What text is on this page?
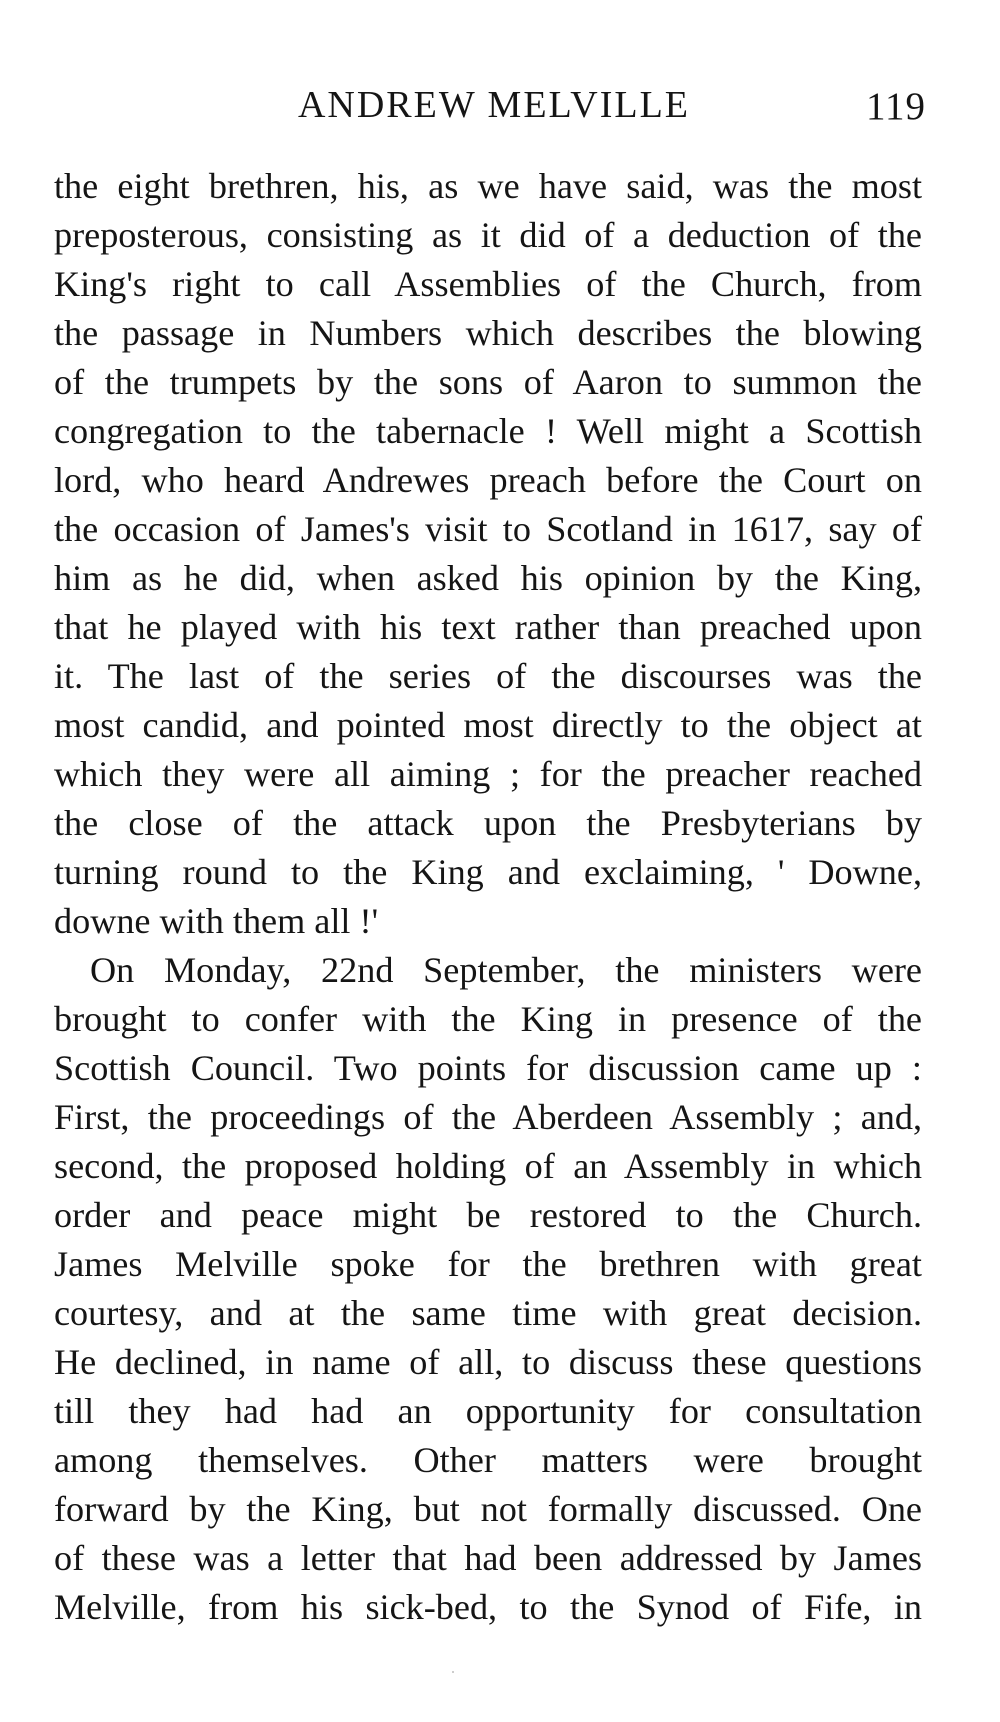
ANDREW MELVILLE	119
the eight brethren, his, as we have said, was the most
preposterous, consisting as it did of a deduction of the
King's right to call Assemblies of the Church, from
the passage in Numbers which describes the blowing
of the trumpets by the sons of Aaron to summon the
congregation to the tabernacle ! Well might a Scottish
lord, who heard Andrewes preach before the Court on
the occasion of James's visit to Scotland in 1617, say of
him as he did, when asked his opinion by the King,
that he played with his text rather than preached upon
it. The last of the series of the discourses was the
most candid, and pointed most directly to the object at
which they were all aiming ; for the preacher reached
the close of the attack upon the Presbyterians by
turning round to the King and exclaiming, ' Downe,
downe with them all !'
On Monday, 22nd September, the ministers were
brought to confer with the King in presence of the
Scottish Council. Two points for discussion came up :
First, the proceedings of the Aberdeen Assembly ; and,
second, the proposed holding of an Assembly in which
order and peace might be restored to the Church.
James Melville spoke for the brethren with great
courtesy, and at the same time with great decision.
He declined, in name of all, to discuss these questions
till they had had an opportunity for consultation
among themselves. Other matters were brought
forward by the King, but not formally discussed. One
of these was a letter that had been addressed by James
Melville, from his sick-bed, to the Synod of Fife, in
